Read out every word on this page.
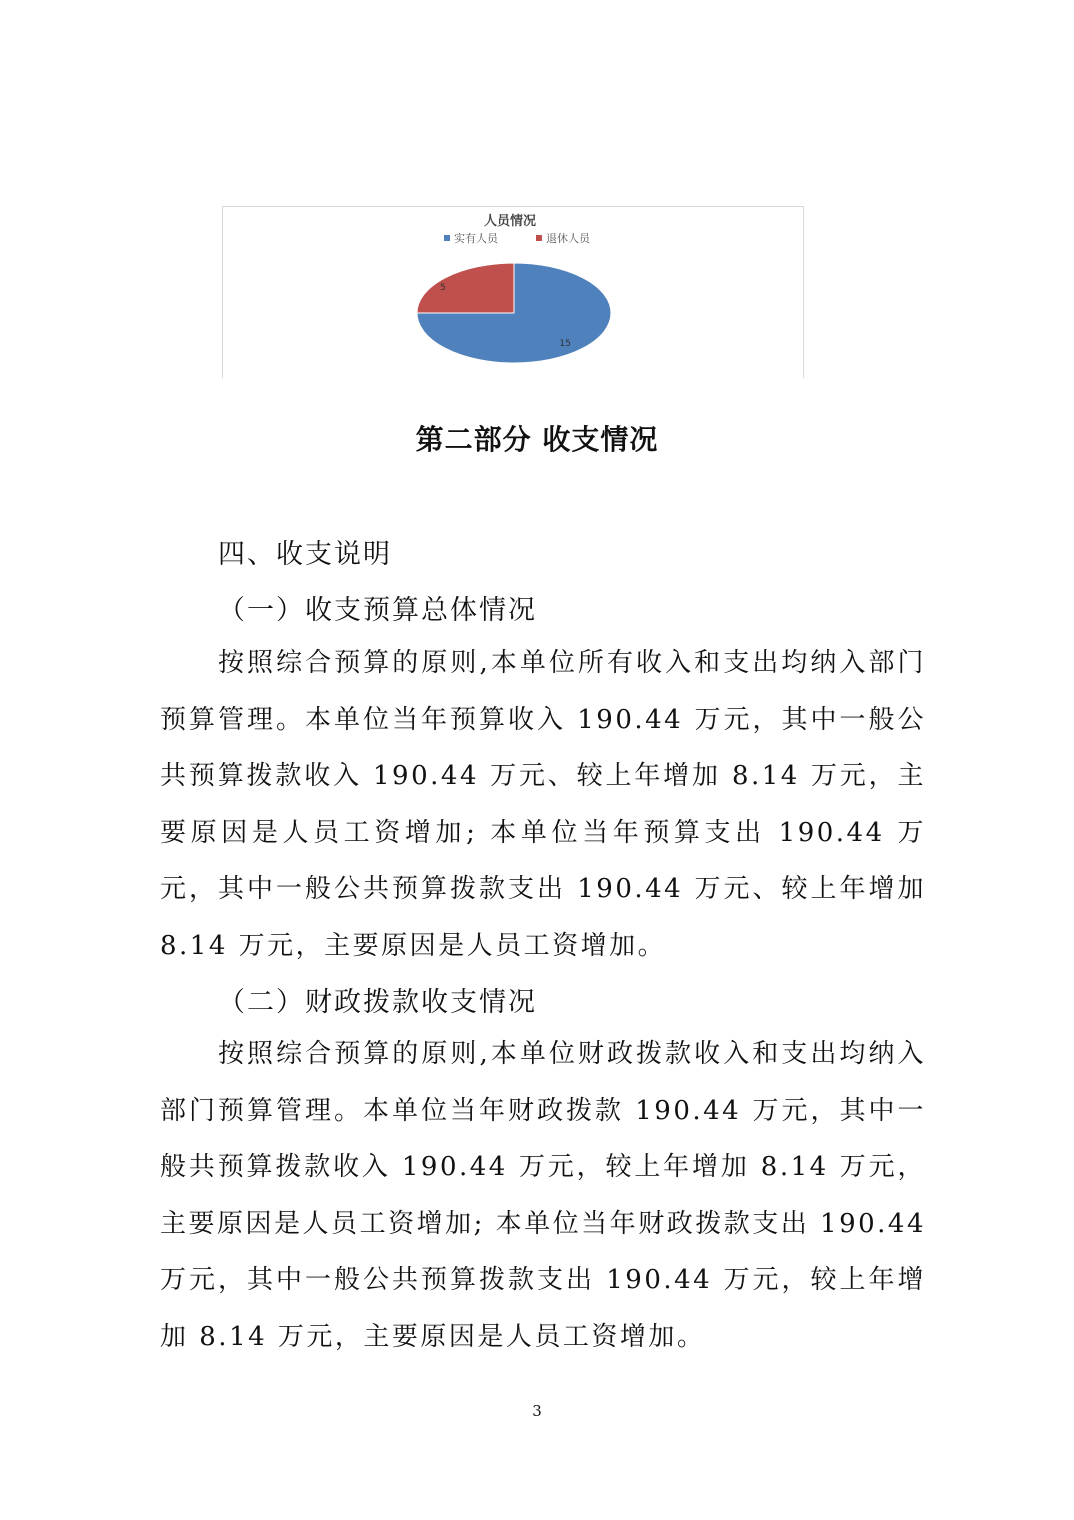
人员情况
实有人员	退休人员
15
5
第二部分 收支情况
四、收支说明
（一）收支预算总体情况
按照综合预算的原则,本单位所有收入和支出均纳入部门预算管理。本单位当年预算收入 190.44 万元，其中一般公共预算拨款收入 190.44 万元、较上年增加 8.14 万元，主要原因是人员工资增加; 本单位当年预算支出 190.44 万元，其中一般公共预算拨款支出 190.44 万元、较上年增加 8.14 万元，主要原因是人员工资增加。
（二）财政拨款收支情况
按照综合预算的原则,本单位财政拨款收入和支出均纳入部门预算管理。本单位当年财政拨款 190.44 万元，其中一般共预算拨款收入 190.44 万元，较上年增加 8.14 万元，主要原因是人员工资增加; 本单位当年财政拨款支出 190.44 万元，其中一般公共预算拨款支出 190.44 万元，较上年增加 8.14 万元，主要原因是人员工资增加。
3
